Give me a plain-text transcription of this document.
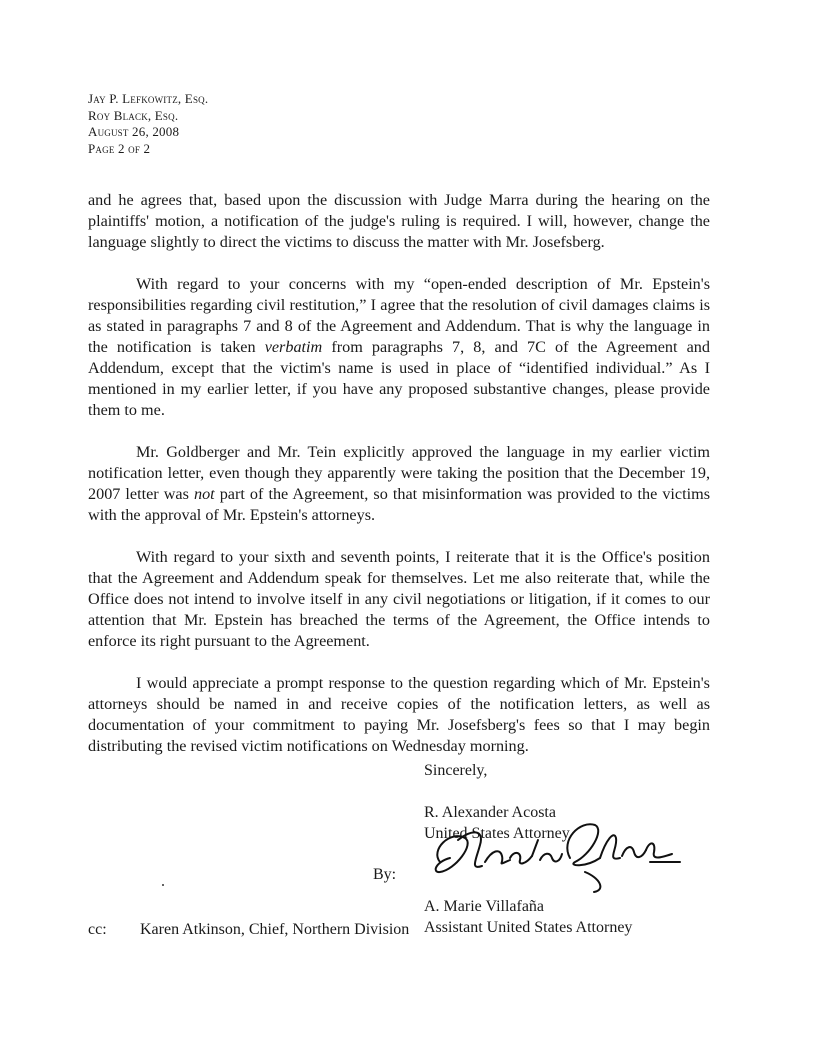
Jay P. Lefkowitz, Esq.
Roy Black, Esq.
August 26, 2008
Page 2 of 2

and he agrees that, based upon the discussion with Judge Marra during the hearing on the plaintiffs' motion, a notification of the judge's ruling is required. I will, however, change the language slightly to direct the victims to discuss the matter with Mr. Josefsberg.

With regard to your concerns with my “open-ended description of Mr. Epstein's responsibilities regarding civil restitution,” I agree that the resolution of civil damages claims is as stated in paragraphs 7 and 8 of the Agreement and Addendum. That is why the language in the notification is taken verbatim from paragraphs 7, 8, and 7C of the Agreement and Addendum, except that the victim's name is used in place of “identified individual.” As I mentioned in my earlier letter, if you have any proposed substantive changes, please provide them to me.

Mr. Goldberger and Mr. Tein explicitly approved the language in my earlier victim notification letter, even though they apparently were taking the position that the December 19, 2007 letter was not part of the Agreement, so that misinformation was provided to the victims with the approval of Mr. Epstein's attorneys.

With regard to your sixth and seventh points, I reiterate that it is the Office's position that the Agreement and Addendum speak for themselves. Let me also reiterate that, while the Office does not intend to involve itself in any civil negotiations or litigation, if it comes to our attention that Mr. Epstein has breached the terms of the Agreement, the Office intends to enforce its right pursuant to the Agreement.

I would appreciate a prompt response to the question regarding which of Mr. Epstein's attorneys should be named in and receive copies of the notification letters, as well as documentation of your commitment to paying Mr. Josefsberg's fees so that I may begin distributing the revised victim notifications on Wednesday morning.

Sincerely,
R. Alexander Acosta
United States Attorney
A. Marie Villafaña
Assistant United States Attorney
By:
cc: Karen Atkinson, Chief, Northern Division
